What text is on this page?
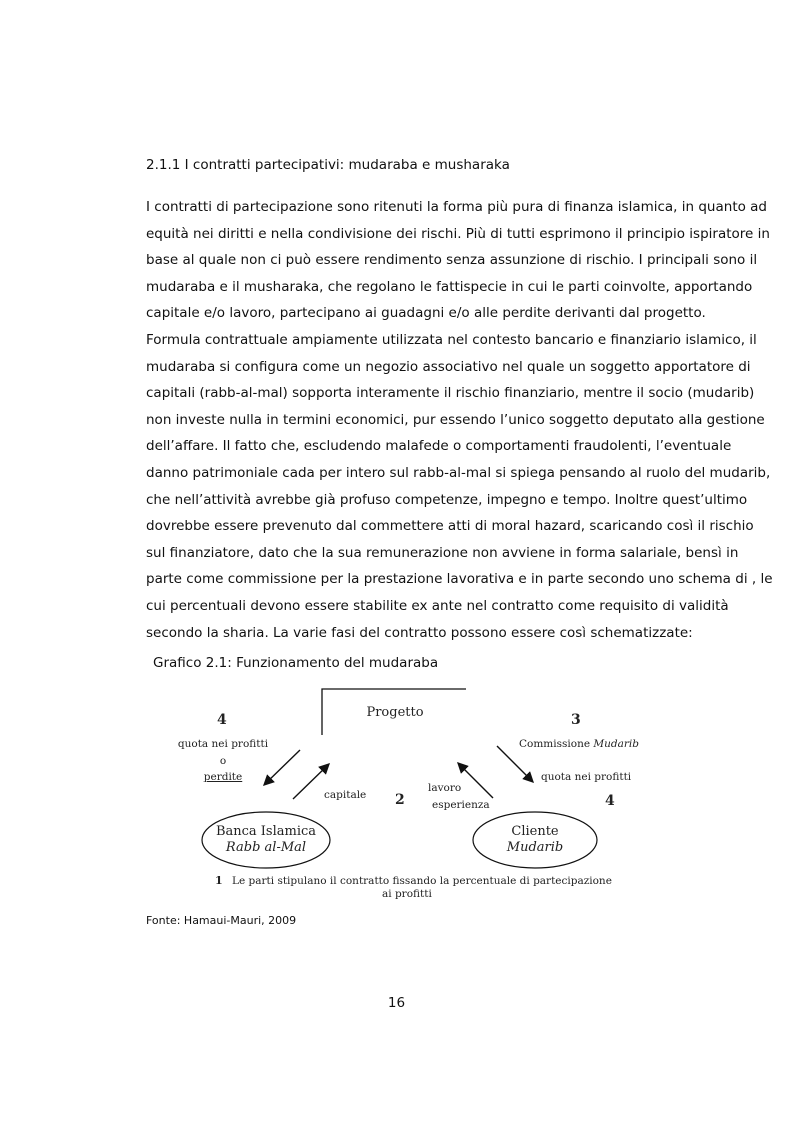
2.1.1 I contratti partecipativi: mudaraba e musharaka
I contratti di partecipazione sono ritenuti la forma più pura di finanza islamica, in quanto ad
equità nei diritti e nella condivisione dei rischi. Più di tutti esprimono il principio ispiratore in
base al quale non ci può essere rendimento senza assunzione di rischio. I principali sono il
mudaraba e il musharaka, che regolano le fattispecie in cui le parti coinvolte, apportando
capitale e/o lavoro, partecipano ai guadagni e/o alle perdite derivanti dal progetto.
Formula contrattuale ampiamente utilizzata nel contesto bancario e finanziario islamico, il
mudaraba si configura come un negozio associativo nel quale un soggetto apportatore di
capitali (rabb-al-mal) sopporta interamente il rischio finanziario, mentre il socio (mudarib)
non investe nulla in termini economici, pur essendo l’unico soggetto deputato alla gestione
dell’affare. Il fatto che, escludendo malafede o comportamenti fraudolenti, l’eventuale
danno patrimoniale cada per intero sul rabb-al-mal si spiega pensando al ruolo del mudarib,
che nell’attività avrebbe già profuso competenze, impegno e tempo. Inoltre quest’ultimo
dovrebbe essere prevenuto dal commettere atti di moral hazard, scaricando così il rischio
sul finanziatore, dato che la sua remunerazione non avviene in forma salariale, bensì in
parte come commissione per la prestazione lavorativa e in parte secondo uno schema di , le
cui percentuali devono essere stabilite ex ante nel contratto come requisito di validità
secondo la sharia. La varie fasi del contratto possono essere così schematizzate:
Grafico 2.1: Funzionamento del mudaraba
Progetto
4	3
2	4
quota nei profitti
o
perdite
capitale
Commissione Mudarib
quota nei profitti
lavoro
esperienza
Banca Islamica
Rabb al-Mal
Cliente
Mudarib
1 Le parti stipulano il contratto fissando la percentuale di partecipazione
ai profitti
Fonte: Hamaui-Mauri, 2009
16
